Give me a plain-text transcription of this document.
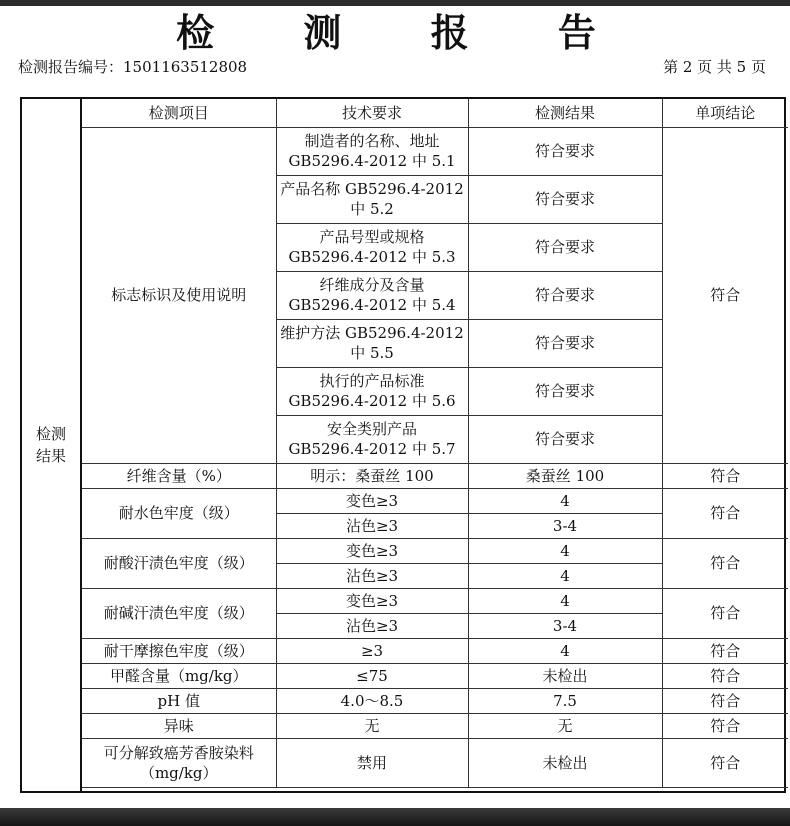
检 测 报 告
检测报告编号：1501163512808	第 2 页 共 5 页
检测结果
检测项目	技术要求	检测结果	单项结论
标志标识及使用说明	制造者的名称、地址
GB5296.4-2012 中 5.1	符合要求	符合
	产品名称 GB5296.4-2012
中 5.2	符合要求	
	产品号型或规格
GB5296.4-2012 中 5.3	符合要求	
	纤维成分及含量
GB5296.4-2012 中 5.4	符合要求	
	维护方法 GB5296.4-2012
中 5.5	符合要求	
	执行的产品标准
GB5296.4-2012 中 5.6	符合要求	
	安全类别产品
GB5296.4-2012 中 5.7	符合要求	
纤维含量（%）	明示：桑蚕丝 100	桑蚕丝 100	符合
耐水色牢度（级）	变色≥3	4	符合
	沾色≥3	3-4	
耐酸汗渍色牢度（级）	变色≥3	4	符合
	沾色≥3	4	
耐碱汗渍色牢度（级）	变色≥3	4	符合
	沾色≥3	3-4	
耐干摩擦色牢度（级）	≥3	4	符合
甲醛含量（mg/kg）	≤75	未检出	符合
pH 值	4.0～8.5	7.5	符合
异味	无	无	符合
可分解致癌芳香胺染料
（mg/kg）	禁用	未检出	符合
